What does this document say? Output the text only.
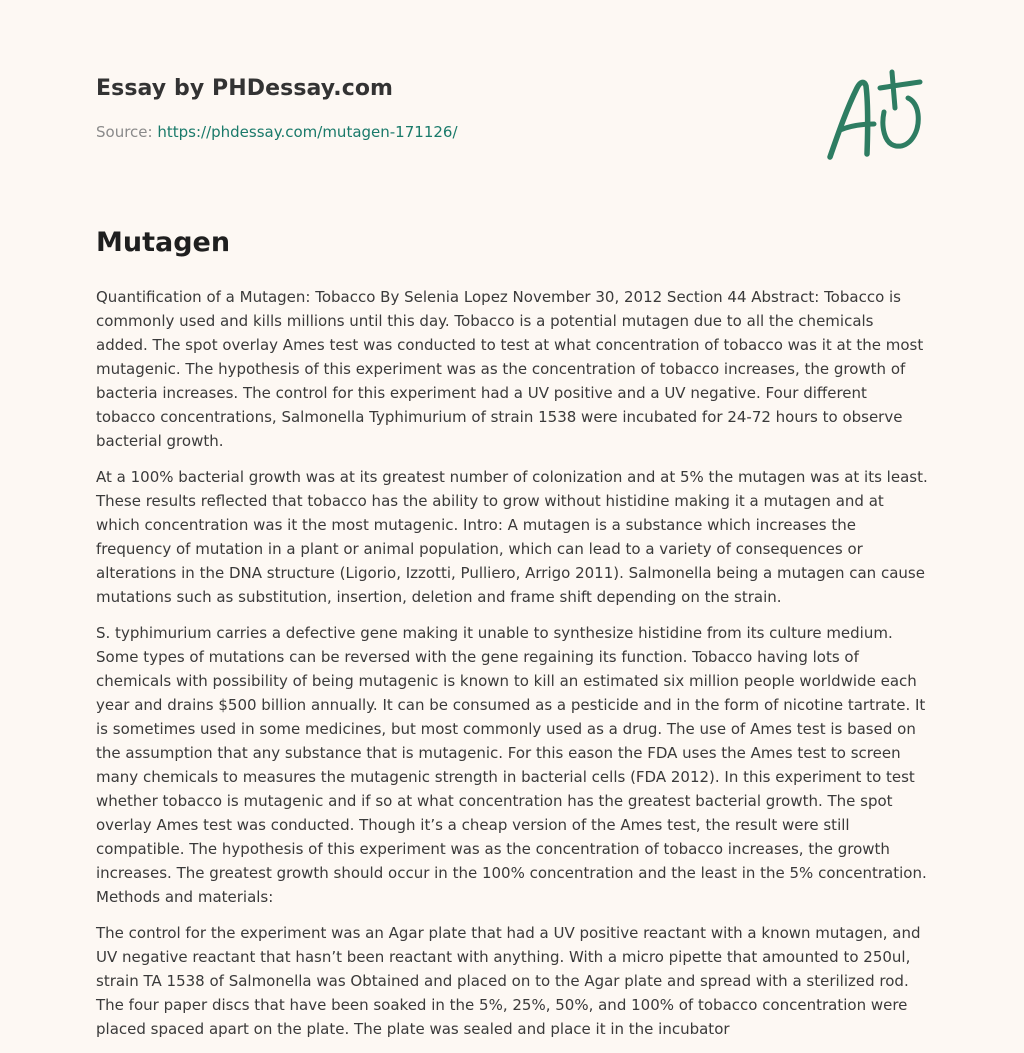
Essay by PHDessay.com
Source: https://phdessay.com/mutagen-171126/
Mutagen

Quantification of a Mutagen: Tobacco By Selenia Lopez November 30, 2012 Section 44 Abstract: Tobacco is commonly used and kills millions until this day. Tobacco is a potential mutagen due to all the chemicals added. The spot overlay Ames test was conducted to test at what concentration of tobacco was it at the most mutagenic. The hypothesis of this experiment was as the concentration of tobacco increases, the growth of bacteria increases. The control for this experiment had a UV positive and a UV negative. Four different tobacco concentrations, Salmonella Typhimurium of strain 1538 were incubated for 24-72 hours to observe bacterial growth.

At a 100% bacterial growth was at its greatest number of colonization and at 5% the mutagen was at its least. These results reflected that tobacco has the ability to grow without histidine making it a mutagen and at which concentration was it the most mutagenic. Intro: A mutagen is a substance which increases the frequency of mutation in a plant or animal population, which can lead to a variety of consequences or alterations in the DNA structure (Ligorio, Izzotti, Pulliero, Arrigo 2011). Salmonella being a mutagen can cause mutations such as substitution, insertion, deletion and frame shift depending on the strain.

S. typhimurium carries a defective gene making it unable to synthesize histidine from its culture medium. Some types of mutations can be reversed with the gene regaining its function. Tobacco having lots of chemicals with possibility of being mutagenic is known to kill an estimated six million people worldwide each year and drains $500 billion annually. It can be consumed as a pesticide and in the form of nicotine tartrate. It is sometimes used in some medicines, but most commonly used as a drug. The use of Ames test is based on the assumption that any substance that is mutagenic. For this eason the FDA uses the Ames test to screen many chemicals to measures the mutagenic strength in bacterial cells (FDA 2012). In this experiment to test whether tobacco is mutagenic and if so at what concentration has the greatest bacterial growth. The spot overlay Ames test was conducted. Though it’s a cheap version of the Ames test, the result were still compatible. The hypothesis of this experiment was as the concentration of tobacco increases, the growth increases. The greatest growth should occur in the 100% concentration and the least in the 5% concentration. Methods and materials:

The control for the experiment was an Agar plate that had a UV positive reactant with a known mutagen, and UV negative reactant that hasn’t been reactant with anything. With a micro pipette that amounted to 250ul, strain TA 1538 of Salmonella was Obtained and placed on to the Agar plate and spread with a sterilized rod. The four paper discs that have been soaked in the 5%, 25%, 50%, and 100% of tobacco concentration were placed spaced apart on the plate. The plate was sealed and place it in the incubator
